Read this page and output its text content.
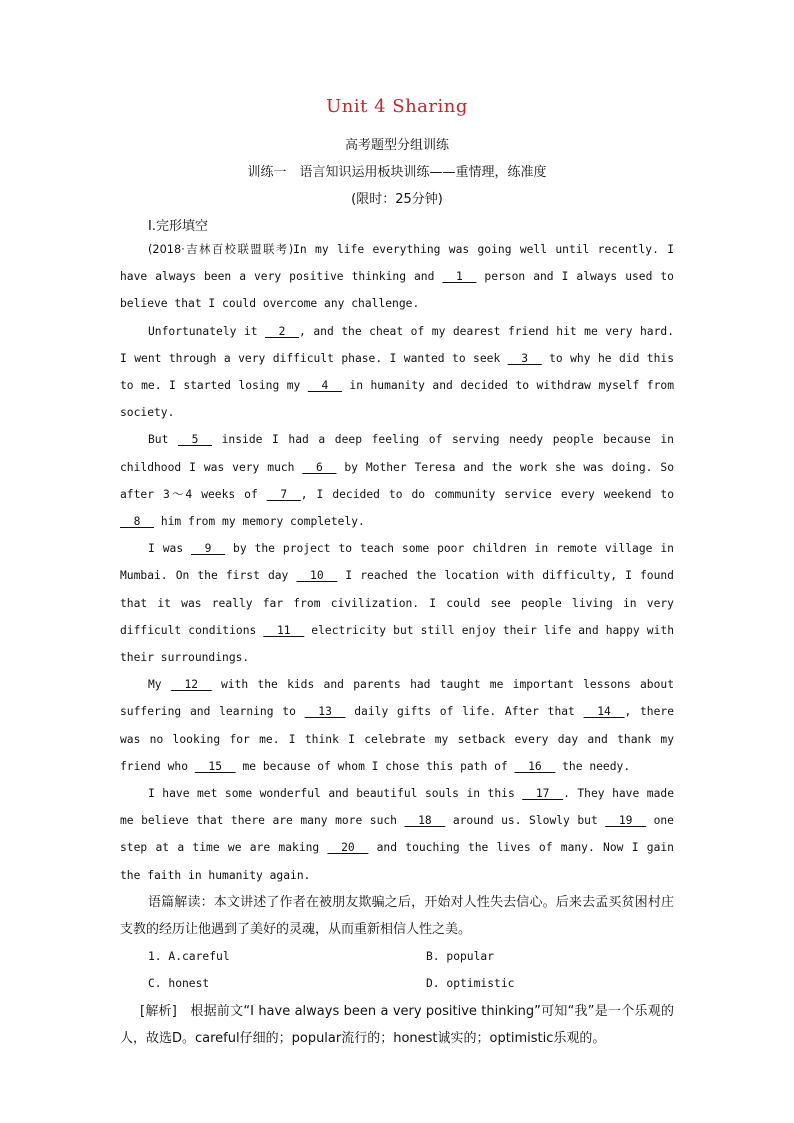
Unit 4 Sharing
高考题型分组训练
训练一　语言知识运用板块训练——重情理，练准度
(限时：25分钟)
Ⅰ.完形填空

(2018·吉林百校联盟联考)In my life everything was going well until recently. I have always been a very positive thinking and __1__ person and I always used to believe that I could overcome any challenge.

Unfortunately it __2__, and the cheat of my dearest friend hit me very hard. I went through a very difficult phase. I wanted to seek __3__ to why he did this to me. I started losing my __4__ in humanity and decided to withdraw myself from society.

But __5__ inside I had a deep feeling of serving needy people because in childhood I was very much __6__ by Mother Teresa and the work she was doing. So after 3～4 weeks of __7__, I decided to do community service every weekend to __8__ him from my memory completely.

I was __9__ by the project to teach some poor children in remote village in Mumbai. On the first day __10__ I reached the location with difficulty, I found that it was really far from civilization. I could see people living in very difficult conditions __11__ electricity but still enjoy their life and happy with their surroundings.

My __12__ with the kids and parents had taught me important lessons about suffering and learning to __13__ daily gifts of life. After that __14__, there was no looking for me. I think I celebrate my setback every day and thank my friend who __15__ me because of whom I chose this path of __16__ the needy.

I have met some wonderful and beautiful souls in this __17__. They have made me believe that there are many more such __18__ around us. Slowly but __19__ one step at a time we are making __20__ and touching the lives of many. Now I gain the faith in humanity again.

语篇解读：本文讲述了作者在被朋友欺骗之后，开始对人性失去信心。后来去孟买贫困村庄支教的经历让他遇到了美好的灵魂，从而重新相信人性之美。

1. A.careful	B. popular
C. honest	D. optimistic

[解析]　 根据前文“I have always been a very positive thinking”可知“我”是一个乐观的人，故选D。careful仔细的；popular流行的；honest诚实的；optimistic乐观的。
